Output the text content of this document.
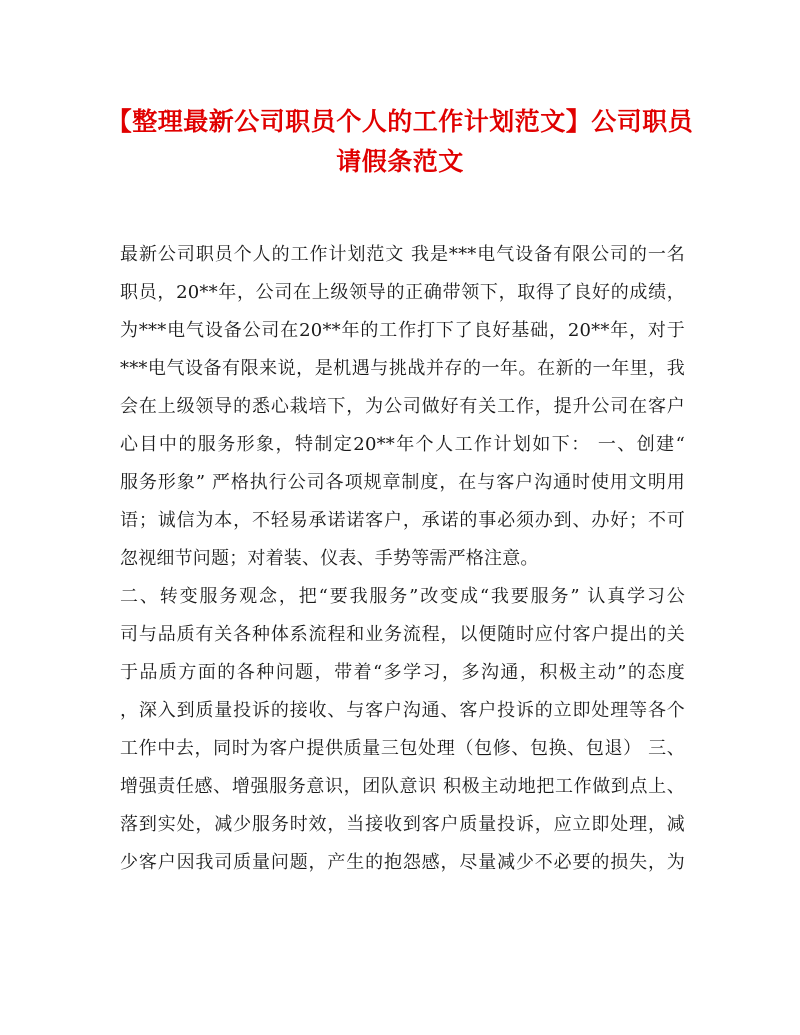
【整理最新公司职员个人的工作计划范文】公司职员
请假条范文
最新公司职员个人的工作计划范文 我是***电气设备有限公司的一名
职员，20**年，公司在上级领导的正确带领下，取得了良好的成绩，
为***电气设备公司在20**年的工作打下了良好基础，20**年，对于
***电气设备有限来说，是机遇与挑战并存的一年。在新的一年里，我
会在上级领导的悉心栽培下，为公司做好有关工作，提升公司在客户
心目中的服务形象，特制定20**年个人工作计划如下： 一、创建“
服务形象” 严格执行公司各项规章制度，在与客户沟通时使用文明用
语；诚信为本，不轻易承诺诺客户，承诺的事必须办到、办好；不可
忽视细节问题；对着装、仪表、手势等需严格注意。
二、转变服务观念，把“要我服务”改变成“我要服务” 认真学习公
司与品质有关各种体系流程和业务流程，以便随时应付客户提出的关
于品质方面的各种问题，带着“多学习，多沟通，积极主动”的态度
，深入到质量投诉的接收、与客户沟通、客户投诉的立即处理等各个
工作中去，同时为客户提供质量三包处理（包修、包换、包退） 三、
增强责任感、增强服务意识，团队意识 积极主动地把工作做到点上、
落到实处，减少服务时效，当接收到客户质量投诉，应立即处理，减
少客户因我司质量问题，产生的抱怨感，尽量减少不必要的损失，为
